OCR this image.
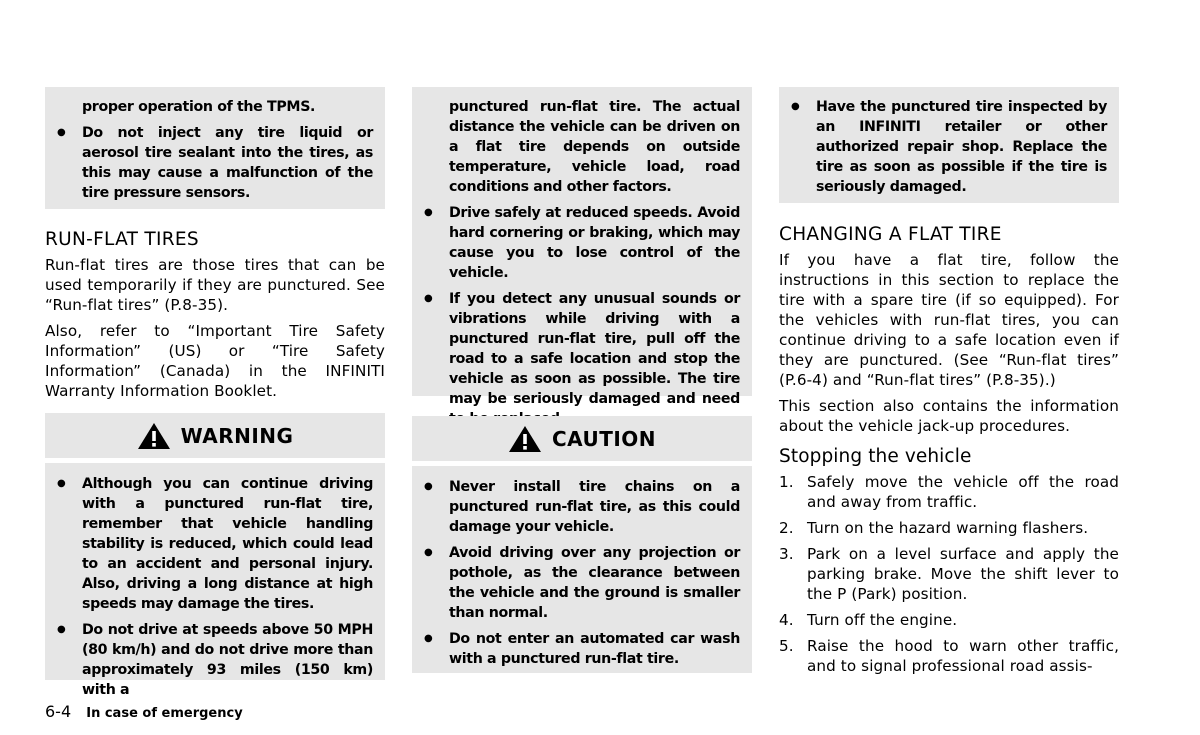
proper operation of the TPMS.
● Do not inject any tire liquid or aerosol tire sealant into the tires, as this may cause a malfunction of the tire pressure sensors.
RUN-FLAT TIRES

Run-flat tires are those tires that can be used temporarily if they are punctured. See “Run-flat tires” (P.8-35).

Also, refer to “Important Tire Safety Information” (US) or “Tire Safety Information” (Canada) in the INFINITI Warranty Information Booklet.

WARNING
● Although you can continue driving with a punctured run-flat tire, remember that vehicle handling stability is reduced, which could lead to an accident and personal injury. Also, driving a long distance at high speeds may damage the tires.
● Do not drive at speeds above 50 MPH (80 km/h) and do not drive more than approximately 93 miles (150 km) with a
punctured run-flat tire. The actual distance the vehicle can be driven on a flat tire depends on outside temperature, vehicle load, road conditions and other factors.
● Drive safely at reduced speeds. Avoid hard cornering or braking, which may cause you to lose control of the vehicle.
● If you detect any unusual sounds or vibrations while driving with a punctured run-flat tire, pull off the road to a safe location and stop the vehicle as soon as possible. The tire may be seriously damaged and need
CAUTION
● Never install tire chains on a punctured run-flat tire, as this could damage your vehicle.
● Avoid driving over any projection or pothole, as the clearance between the vehicle and the ground is smaller than normal.
● Do not enter an automated car wash with a punctured run-flat tire.
● Have the punctured tire inspected by an INFINITI retailer or other authorized repair shop. Replace the tire as soon as possible if the tire is seriously damaged.
CHANGING A FLAT TIRE

If you have a flat tire, follow the instructions in this section to replace the tire with a spare tire (if so equipped). For the vehicles with run-flat tires, you can continue driving to a safe location even if they are punctured. (See “Run-flat tires” (P.6-4) and “Run-flat tires” (P.8-35).)

This section also contains the information about the vehicle jack-up procedures.

Stopping the vehicle
1. Safely move the vehicle off the road and away from traffic.
2. Turn on the hazard warning flashers.
3. Park on a level surface and apply the parking brake. Move the shift lever to the P (Park) position.
4. Turn off the engine.
5. Raise the hood to warn other traffic, and to signal professional road assis-
6-4 In case of emergency
